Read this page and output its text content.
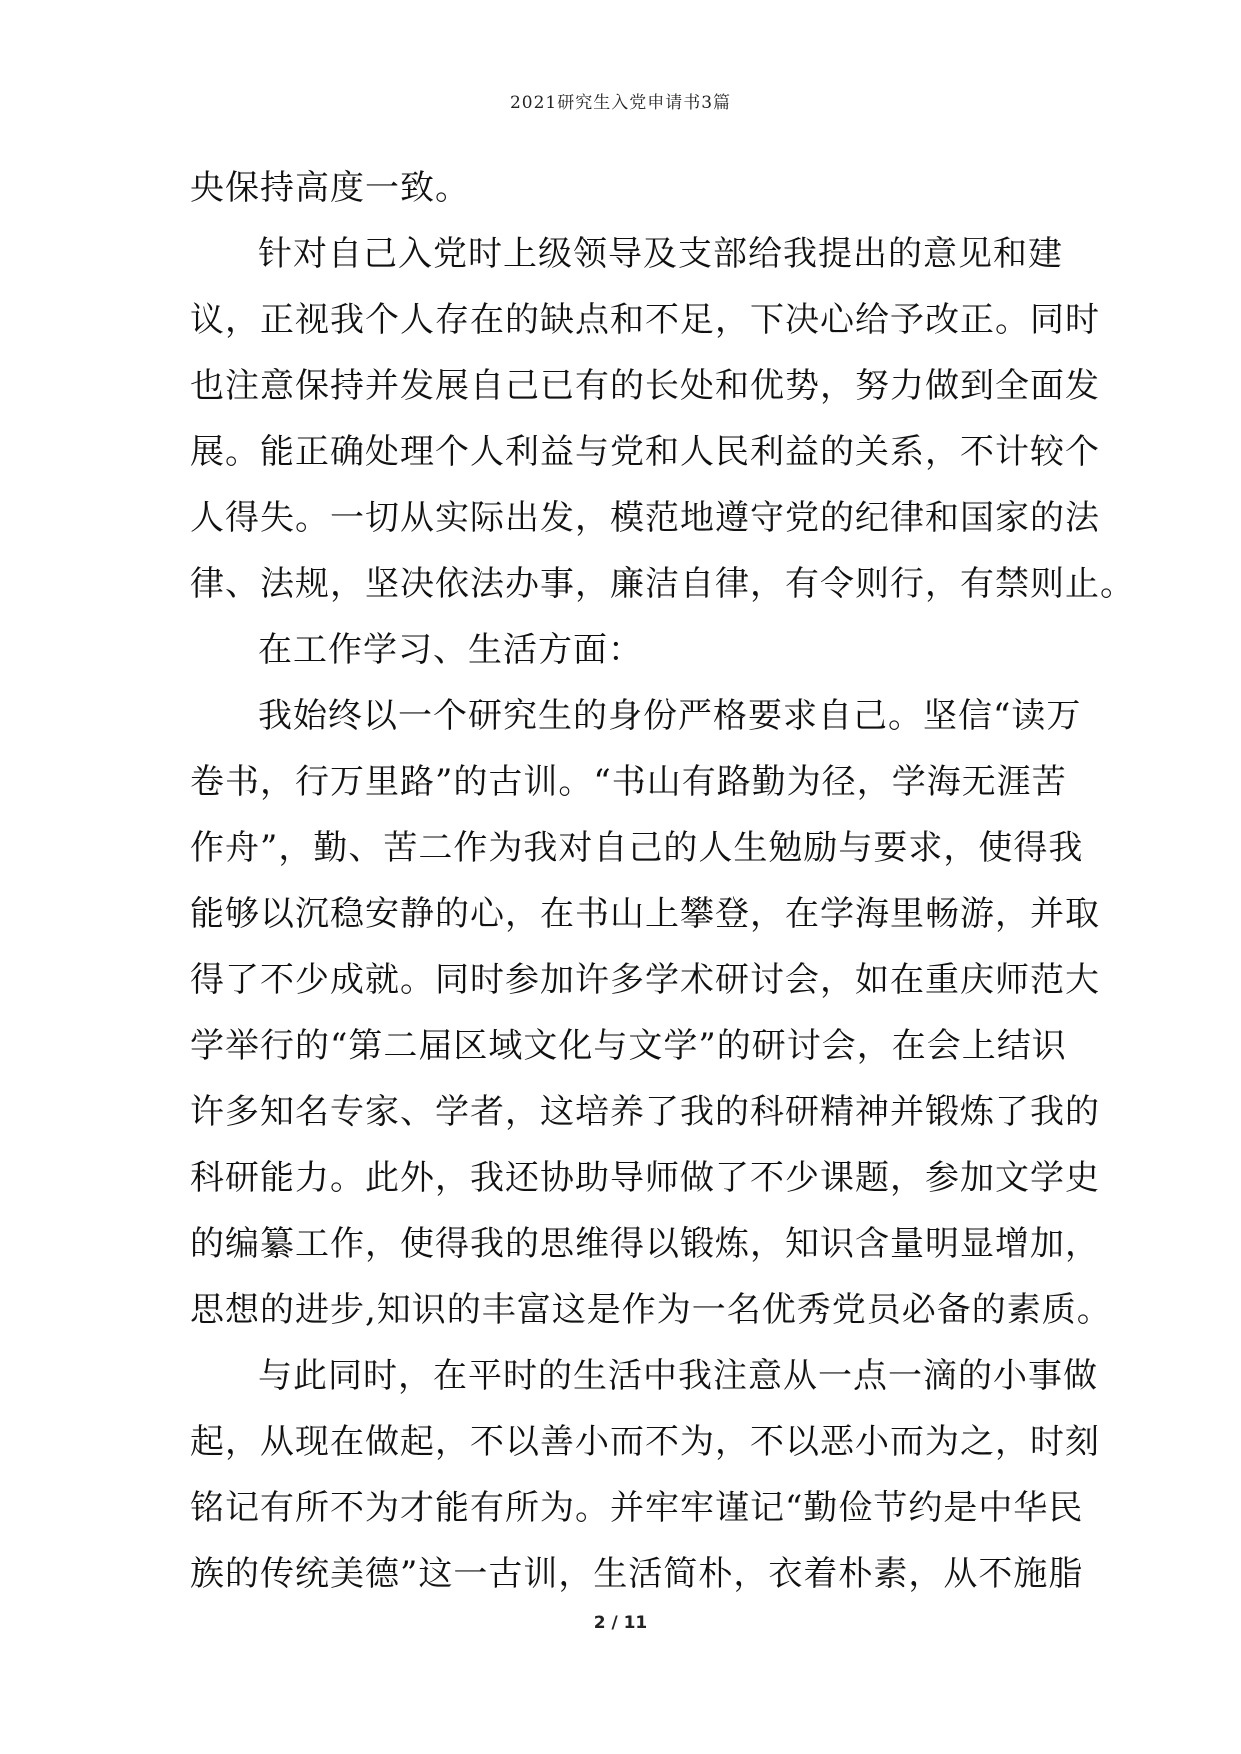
2021研究生入党申请书3篇
央保持高度一致。
针对自己入党时上级领导及支部给我提出的意见和建
议，正视我个人存在的缺点和不足，下决心给予改正。同时
也注意保持并发展自己已有的长处和优势，努力做到全面发
展。能正确处理个人利益与党和人民利益的关系，不计较个
人得失。一切从实际出发，模范地遵守党的纪律和国家的法
律、法规，坚决依法办事，廉洁自律，有令则行，有禁则止。
在工作学习、生活方面：
我始终以一个研究生的身份严格要求自己。坚信“读万
卷书，行万里路”的古训。“书山有路勤为径，学海无涯苦
作舟”，勤、苦二作为我对自己的人生勉励与要求，使得我
能够以沉稳安静的心，在书山上攀登，在学海里畅游，并取
得了不少成就。同时参加许多学术研讨会，如在重庆师范大
学举行的“第二届区域文化与文学”的研讨会，在会上结识
许多知名专家、学者，这培养了我的科研精神并锻炼了我的
科研能力。此外，我还协助导师做了不少课题，参加文学史
的编纂工作，使得我的思维得以锻炼，知识含量明显增加，
思想的进步,知识的丰富这是作为一名优秀党员必备的素质。
与此同时，在平时的生活中我注意从一点一滴的小事做
起，从现在做起，不以善小而不为，不以恶小而为之，时刻
铭记有所不为才能有所为。并牢牢谨记“勤俭节约是中华民
族的传统美德”这一古训，生活简朴，衣着朴素，从不施脂
2 / 11
